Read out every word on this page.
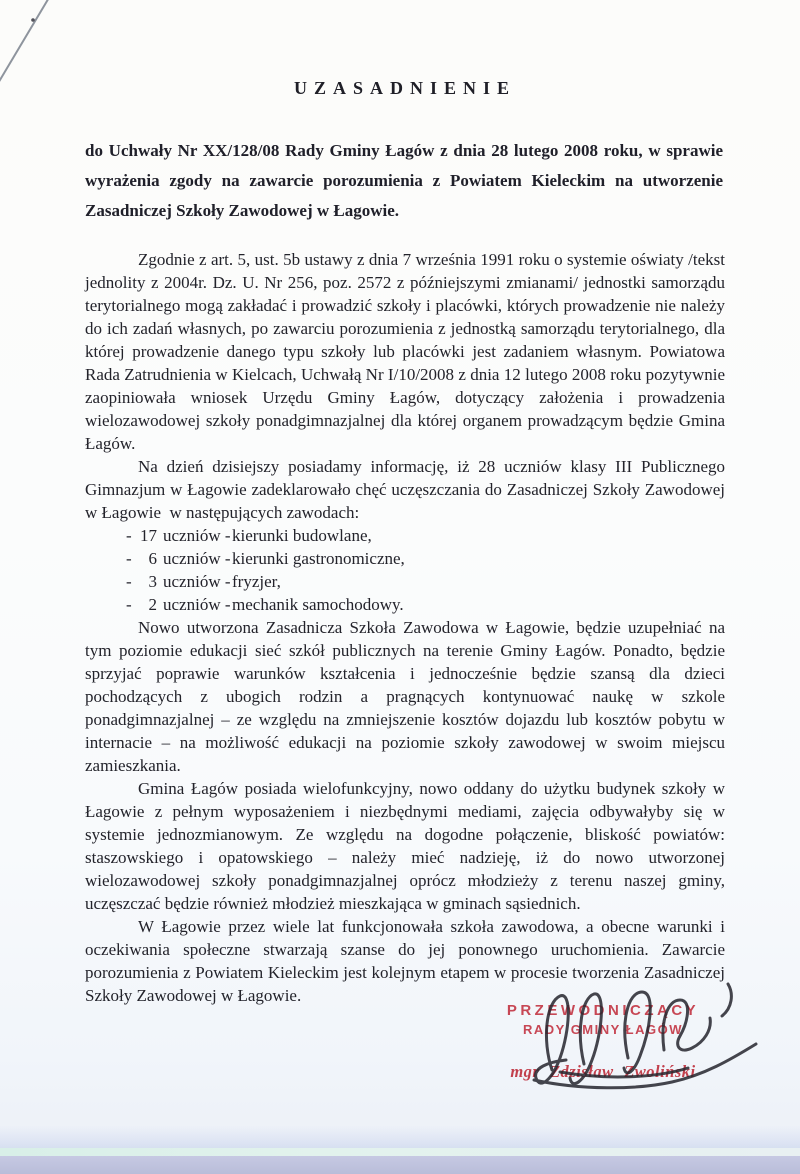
UZASADNIENIE

do Uchwały Nr XX/128/08 Rady Gminy Łagów z dnia 28 lutego 2008 roku, w sprawie wyrażenia zgody na zawarcie porozumienia z Powiatem Kieleckim na utworzenie Zasadniczej Szkoły Zawodowej w Łagowie.

Zgodnie z art. 5, ust. 5b ustawy z dnia 7 września 1991 roku o systemie oświaty /tekst jednolity z 2004r. Dz. U. Nr 256, poz. 2572 z późniejszymi zmianami/ jednostki samorządu terytorialnego mogą zakładać i prowadzić szkoły i placówki, których prowadzenie nie należy do ich zadań własnych, po zawarciu porozumienia z jednostką samorządu terytorialnego, dla której prowadzenie danego typu szkoły lub placówki jest zadaniem własnym. Powiatowa Rada Zatrudnienia w Kielcach, Uchwałą Nr I/10/2008 z dnia 12 lutego 2008 roku pozytywnie zaopiniowała wniosek Urzędu Gminy Łagów, dotyczący założenia i prowadzenia wielozawodowej szkoły ponadgimnazjalnej dla której organem prowadzącym będzie Gmina Łagów.

Na dzień dzisiejszy posiadamy informację, iż 28 uczniów klasy III Publicznego Gimnazjum w Łagowie zadeklarowało chęć uczęszczania do Zasadniczej Szkoły Zawodowej w Łagowie  w następujących zawodach:

- 17 uczniów - kierunki budowlane,
- 6 uczniów - kierunki gastronomiczne,
- 3 uczniów - fryzjer,
- 2 uczniów - mechanik samochodowy.

Nowo utworzona Zasadnicza Szkoła Zawodowa w Łagowie, będzie uzupełniać na tym poziomie edukacji sieć szkół publicznych na terenie Gminy Łagów. Ponadto, będzie sprzyjać poprawie warunków kształcenia i jednocześnie będzie szansą dla dzieci pochodzących z ubogich rodzin a pragnących kontynuować naukę w szkole ponadgimnazjalnej – ze względu na zmniejszenie kosztów dojazdu lub kosztów pobytu w internacie – na możliwość edukacji na poziomie szkoły zawodowej w swoim miejscu zamieszkania.

Gmina Łagów posiada wielofunkcyjny, nowo oddany do użytku budynek szkoły w Łagowie z pełnym wyposażeniem i niezbędnymi mediami, zajęcia odbywałyby się w systemie jednozmianowym. Ze względu na dogodne połączenie, bliskość powiatów: staszowskiego i opatowskiego – należy mieć nadzieję, iż do nowo utworzonej wielozawodowej szkoły ponadgimnazjalnej oprócz młodzieży z terenu naszej gminy, uczęszczać będzie również młodzież mieszkająca w gminach sąsiednich.

W Łagowie przez wiele lat funkcjonowała szkoła zawodowa, a obecne warunki i oczekiwania społeczne stwarzają szanse do jej ponownego uruchomienia. Zawarcie porozumienia z Powiatem Kieleckim jest kolejnym etapem w procesie tworzenia Zasadniczej Szkoły Zawodowej w Łagowie.

PRZEWODNICZĄCY
RADY GMINY ŁAGÓW
mgr Zdzisław Zwoliński
